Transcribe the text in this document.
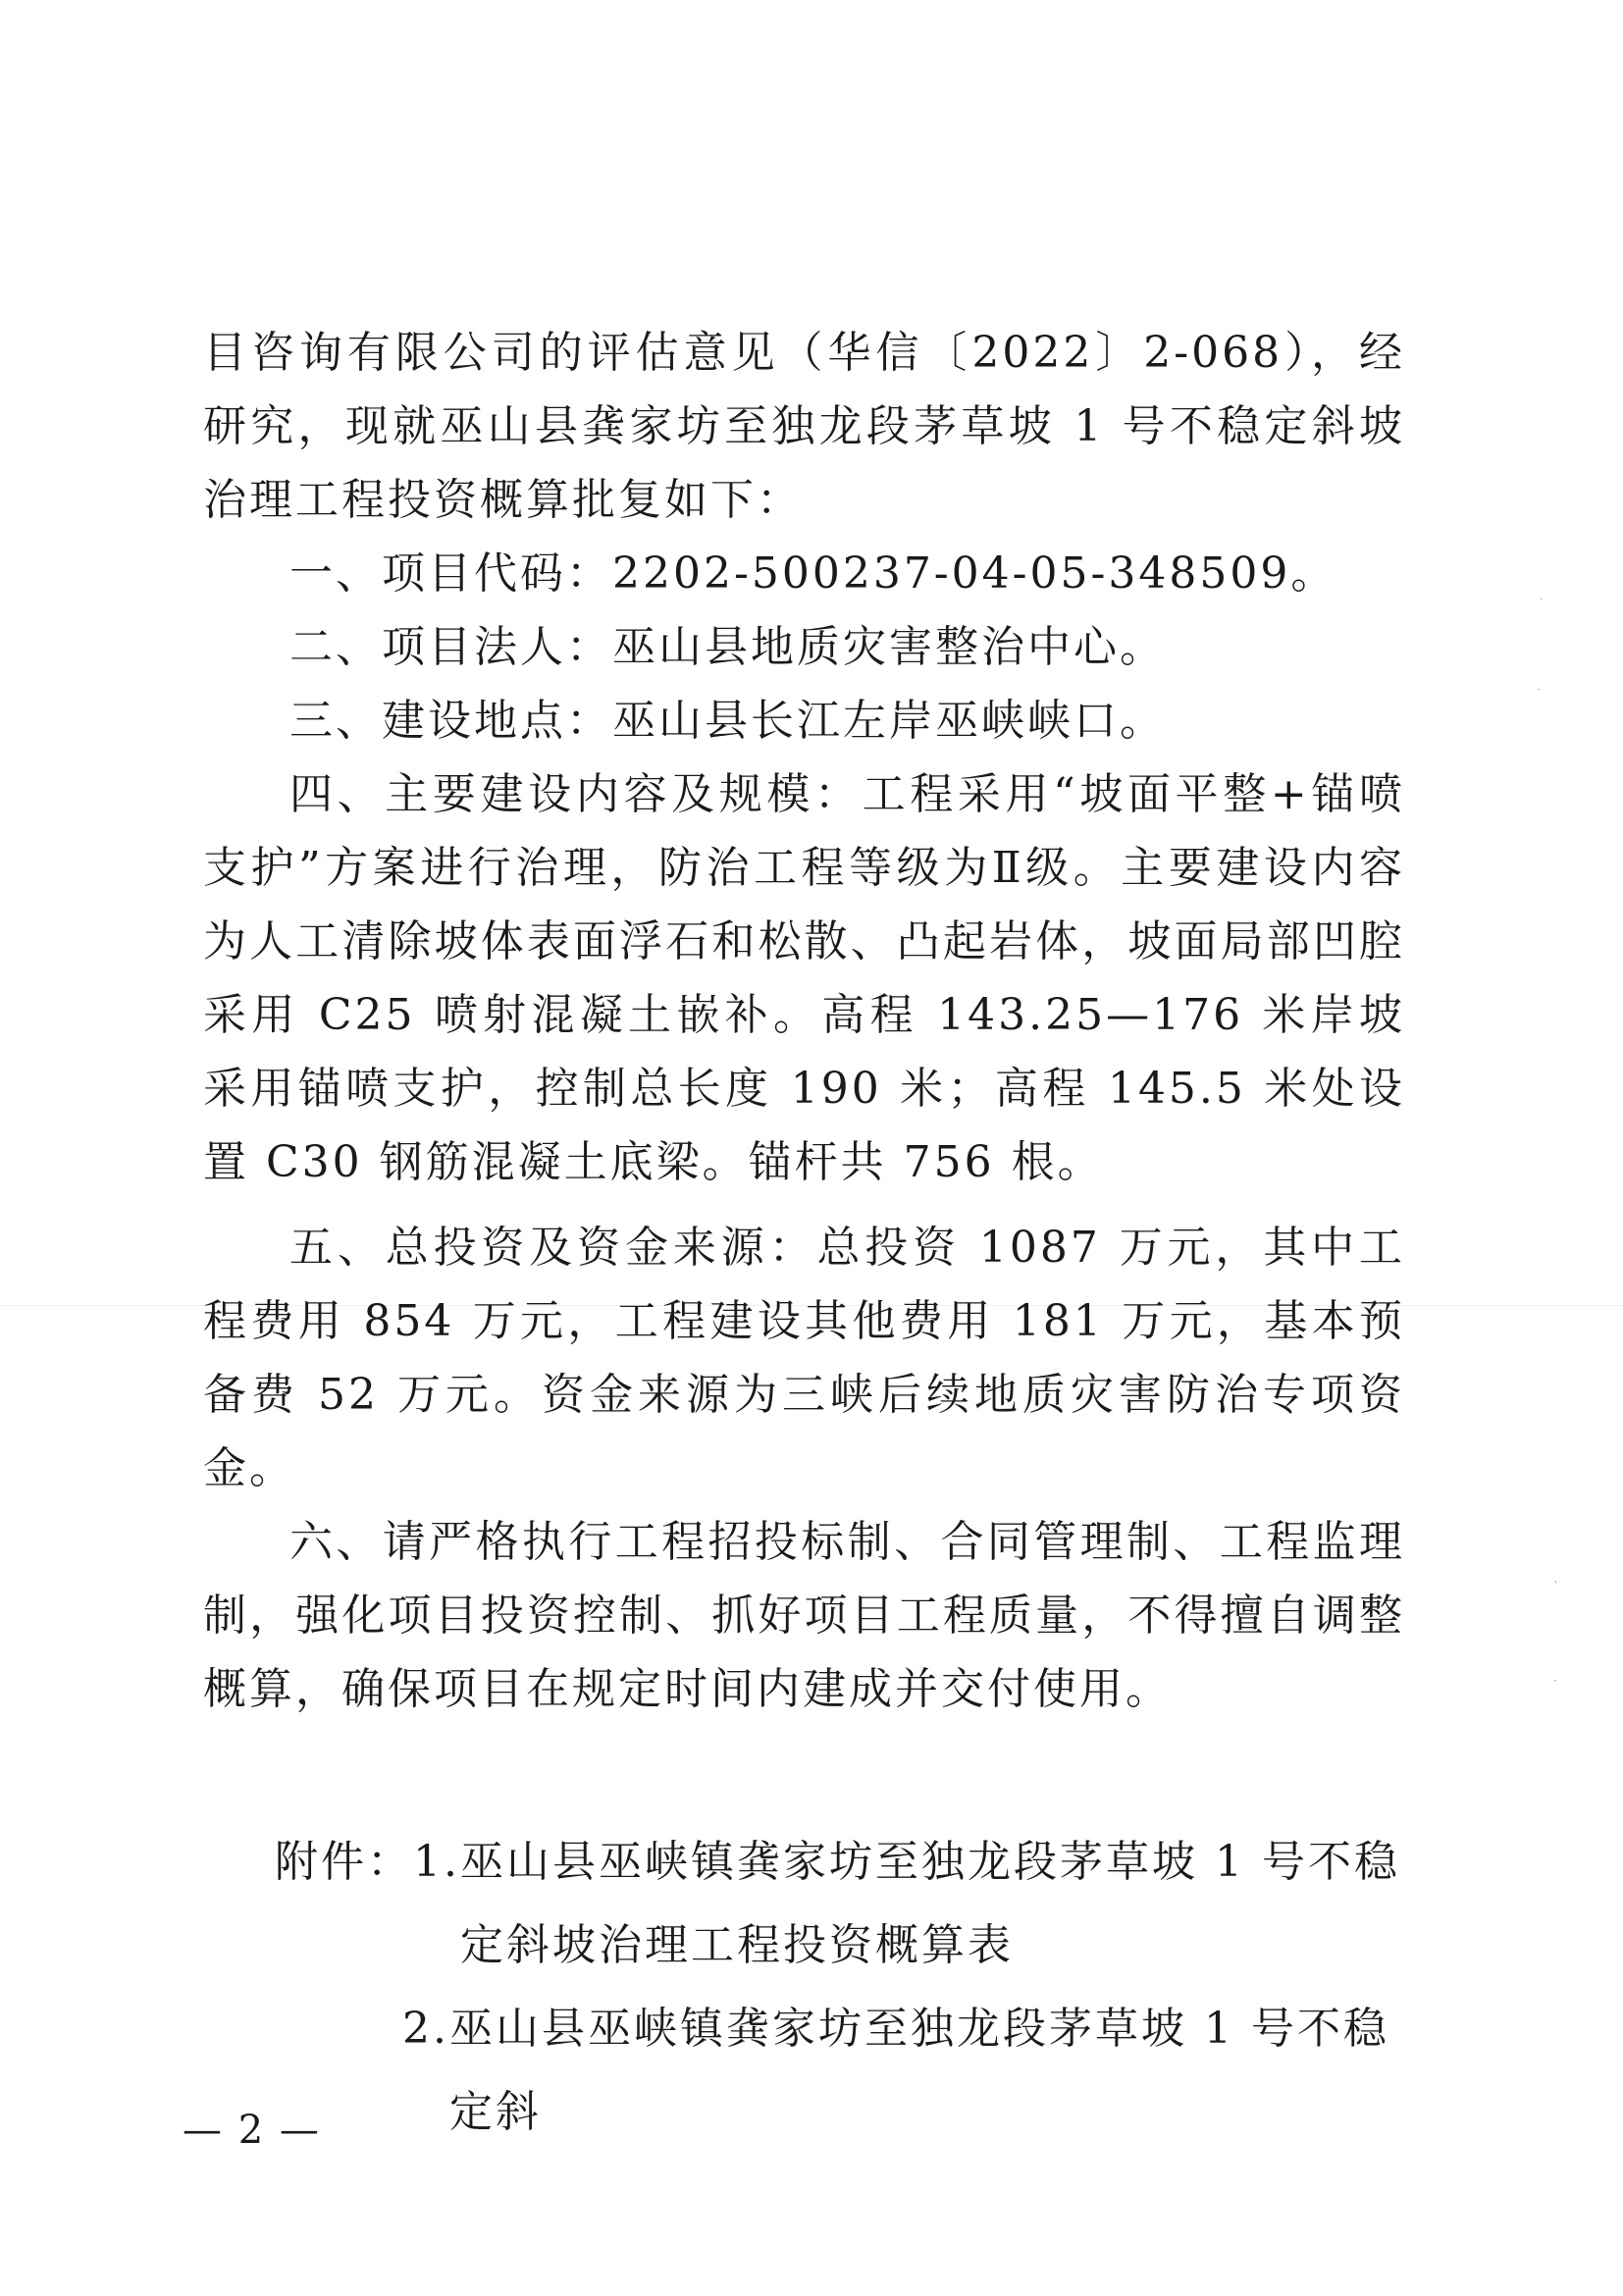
目咨询有限公司的评估意见（华信〔2022〕2-068），经研究，现就巫山县龚家坊至独龙段茅草坡 1 号不稳定斜坡治理工程投资概算批复如下：

一、项目代码：2202-500237-04-05-348509。

二、项目法人：巫山县地质灾害整治中心。

三、建设地点：巫山县长江左岸巫峡峡口。

四、主要建设内容及规模：工程采用“坡面平整+锚喷支护”方案进行治理，防治工程等级为Ⅱ级。主要建设内容为人工清除坡体表面浮石和松散、凸起岩体，坡面局部凹腔采用 C25 喷射混凝土嵌补。高程 143.25—176 米岸坡采用锚喷支护，控制总长度 190 米；高程 145.5 米处设置 C30 钢筋混凝土底梁。锚杆共 756 根。

五、总投资及资金来源：总投资 1087 万元，其中工程费用 854 万元，工程建设其他费用 181 万元，基本预备费 52 万元。资金来源为三峡后续地质灾害防治专项资金。

六、请严格执行工程招投标制、合同管理制、工程监理制，强化项目投资控制、抓好项目工程质量，不得擅自调整概算，确保项目在规定时间内建成并交付使用。

附件： 1. 巫山县巫峡镇龚家坊至独龙段茅草坡 1 号不稳定斜坡治理工程投资概算表
2. 巫山县巫峡镇龚家坊至独龙段茅草坡 1 号不稳定斜
— 2 —
˙
·
ˋ
·
